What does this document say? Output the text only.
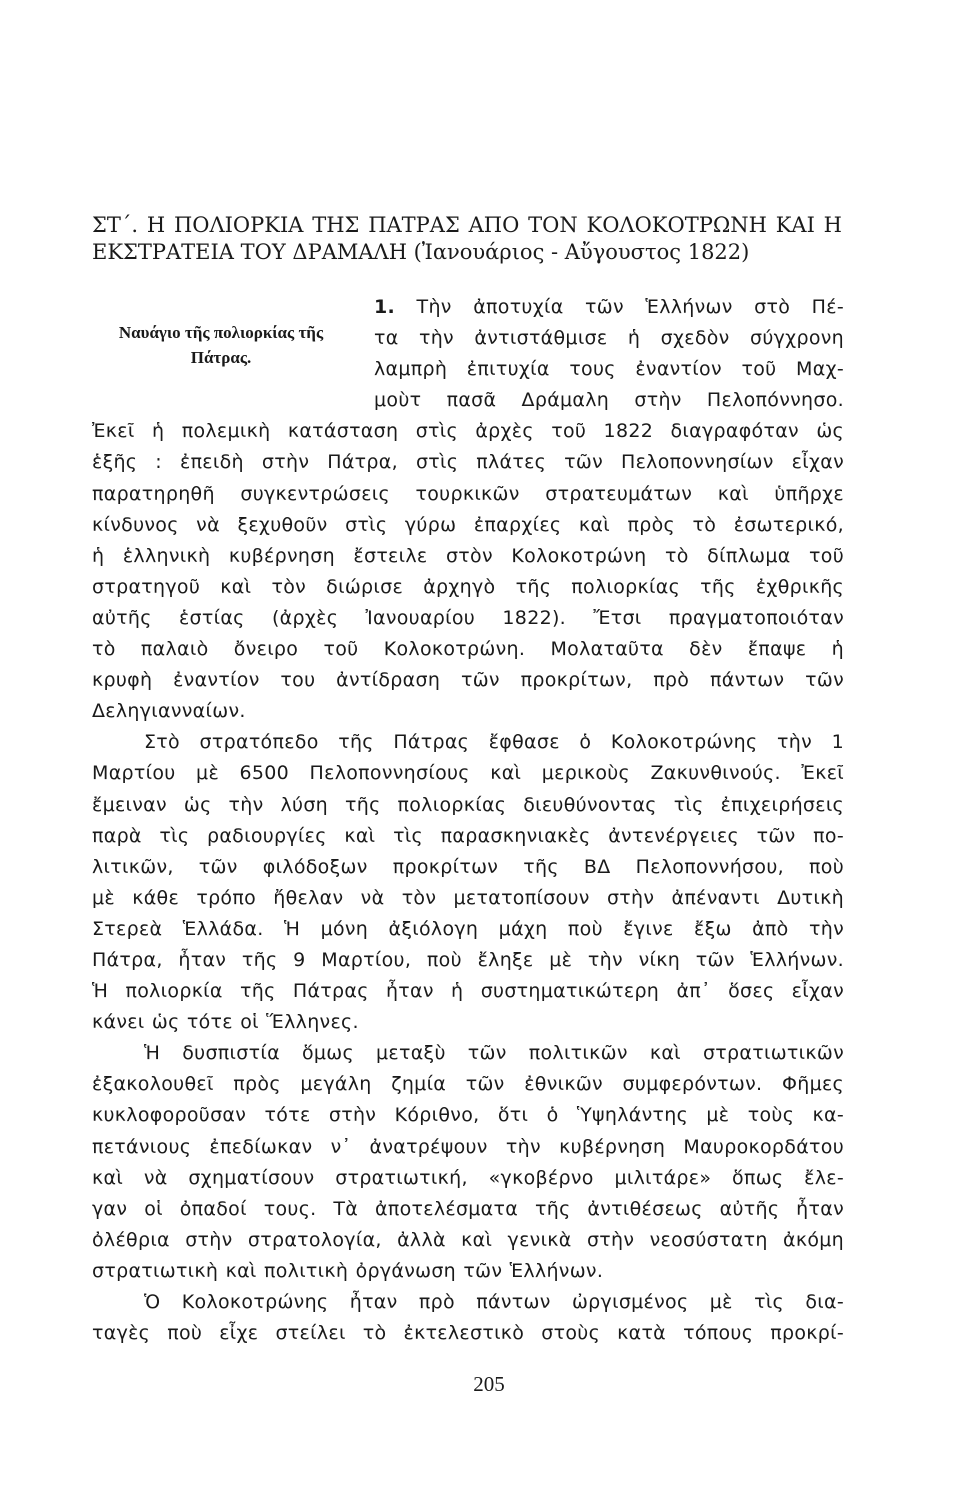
ΣΤ΄. Η ΠΟΛΙΟΡΚΙΑ ΤΗΣ ΠΑΤΡΑΣ ΑΠΟ ΤΟΝ ΚΟΛΟΚΟΤΡΩΝΗ ΚΑΙ Η
ΕΚΣΤΡΑΤΕΙΑ ΤΟΥ ΔΡΑΜΑΛΗ (Ἰανουάριος - Αὔγουστος 1822)
Ναυάγιο τῆς πολιορκίας τῆς
Πάτρας.
1. Τὴν ἀποτυχία τῶν Ἑλλήνων στὸ Πέ-
τα τὴν ἀντιστάθμισε ἡ σχεδὸν σύγχρονη
λαμπρὴ ἐπιτυχία τους ἐναντίον τοῦ Μαχ-
μοὺτ πασᾶ Δράμαλη στὴν Πελοπόννησο.
Ἐκεῖ ἡ πολεμικὴ κατάσταση στὶς ἀρχὲς τοῦ 1822 διαγραφόταν ὡς
ἑξῆς : ἐπειδὴ στὴν Πάτρα, στὶς πλάτες τῶν Πελοποννησίων εἶχαν
παρατηρηθῆ συγκεντρώσεις τουρκικῶν στρατευμάτων καὶ ὑπῆρχε
κίνδυνος νὰ ξεχυθοῦν στὶς γύρω ἐπαρχίες καὶ πρὸς τὸ ἐσωτερικό,
ἡ ἑλληνικὴ κυβέρνηση ἔστειλε στὸν Κολοκοτρώνη τὸ δίπλωμα τοῦ
στρατηγοῦ καὶ τὸν διώρισε ἀρχηγὸ τῆς πολιορκίας τῆς ἐχθρικῆς
αὐτῆς ἑστίας (ἀρχὲς Ἰανουαρίου 1822). Ἔτσι πραγματοποιόταν
τὸ παλαιὸ ὄνειρο τοῦ Κολοκοτρώνη. Μολαταῦτα δὲν ἔπαψε ἡ
κρυφὴ ἐναντίον του ἀντίδραση τῶν προκρίτων, πρὸ πάντων τῶν
Δεληγιανναίων.
Στὸ στρατόπεδο τῆς Πάτρας ἔφθασε ὁ Κολοκοτρώνης τὴν 1
Μαρτίου μὲ 6500 Πελοποννησίους καὶ μερικοὺς Ζακυνθινούς. Ἐκεῖ
ἔμειναν ὡς τὴν λύση τῆς πολιορκίας διευθύνοντας τὶς ἐπιχειρήσεις
παρὰ τὶς ραδιουργίες καὶ τὶς παρασκηνιακὲς ἀντενέργειες τῶν πο-
λιτικῶν, τῶν φιλόδοξων προκρίτων τῆς ΒΔ Πελοποννήσου, ποὺ
μὲ κάθε τρόπο ἤθελαν νὰ τὸν μετατοπίσουν στὴν ἀπέναντι Δυτικὴ
Στερεὰ Ἑλλάδα. Ἡ μόνη ἀξιόλογη μάχη ποὺ ἔγινε ἔξω ἀπὸ τὴν
Πάτρα, ἦταν τῆς 9 Μαρτίου, ποὺ ἔληξε μὲ τὴν νίκη τῶν Ἑλλήνων.
Ἡ πολιορκία τῆς Πάτρας ἦταν ἡ συστηματικώτερη ἀπ᾽ ὅσες εἶχαν
κάνει ὡς τότε οἱ Ἕλληνες.
Ἡ δυσπιστία ὅμως μεταξὺ τῶν πολιτικῶν καὶ στρατιωτικῶν
ἐξακολουθεῖ πρὸς μεγάλη ζημία τῶν ἐθνικῶν συμφερόντων. Φῆμες
κυκλοφοροῦσαν τότε στὴν Κόριθνο, ὅτι ὁ Ὑψηλάντης μὲ τοὺς κα-
πετάνιους ἐπεδίωκαν ν᾽ ἀνατρέψουν τὴν κυβέρνηση Μαυροκορδάτου
καὶ νὰ σχηματίσουν στρατιωτική, «γκοβέρνο μιλιτάρε» ὅπως ἔλε-
γαν οἱ ὀπαδοί τους. Τὰ ἀποτελέσματα τῆς ἀντιθέσεως αὐτῆς ἦταν
ὀλέθρια στὴν στρατολογία, ἀλλὰ καὶ γενικὰ στὴν νεοσύστατη ἀκόμη
στρατιωτικὴ καὶ πολιτικὴ ὀργάνωση τῶν Ἑλλήνων.
Ὁ Κολοκοτρώνης ἦταν πρὸ πάντων ὠργισμένος μὲ τὶς δια-
ταγὲς ποὺ εἶχε στείλει τὸ ἐκτελεστικὸ στοὺς κατὰ τόπους προκρί-
205
